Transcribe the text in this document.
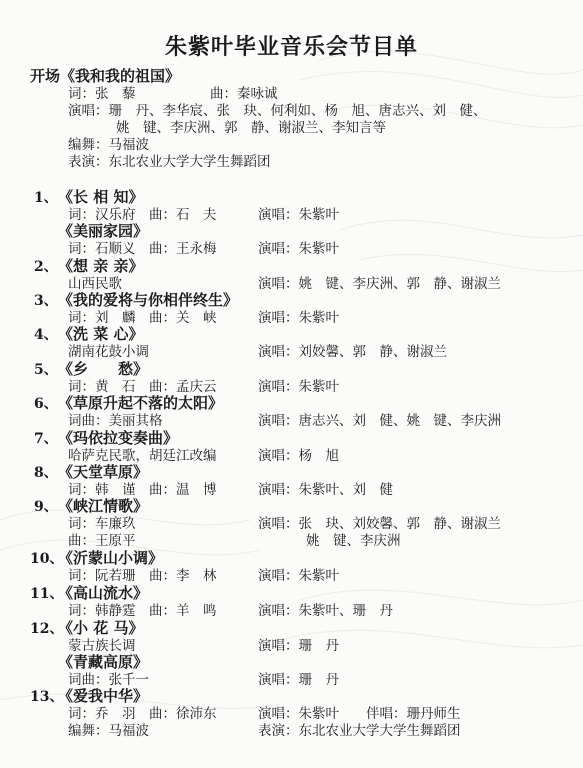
朱紫叶毕业音乐会节目单
开场《我和我的祖国》
词：张　藜	曲：秦咏诚
演唱：珊　丹、李华宸、张　玦、何利如、杨　旭、唐志兴、刘　健、
姚　键、李庆洲、郭　静、谢淑兰、李知言等
编舞：马福波
表演：东北农业大学大学生舞蹈团
1、 《长 相 知》
词：汉乐府　曲：石　夫	演唱：朱紫叶
《美丽家园》
词：石顺义　曲：王永梅	演唱：朱紫叶
2、 《想 亲 亲》
山西民歌	演唱：姚　键、李庆洲、郭　静、谢淑兰
3、 《我的爱将与你相伴终生》
词：刘　麟　曲：关　峡	演唱：朱紫叶
4、 《洗 菜 心》
湖南花鼓小调	演唱：刘姣馨、郭　静、谢淑兰
5、 《乡　　愁》
词：黄　石　曲：孟庆云	演唱：朱紫叶
6、 《草原升起不落的太阳》
词曲：美丽其格	演唱：唐志兴、刘　健、姚　键、李庆洲
7、 《玛依拉变奏曲》
哈萨克民歌，胡廷江改编	演唱：杨　旭
8、 《天堂草原》
词：韩　谨　曲：温　博	演唱：朱紫叶、刘　健
9、 《峡江情歌》
词：车廉玖	演唱：张　玦、刘姣馨、郭　静、谢淑兰
曲：王原平	姚　键、李庆洲
10、
《沂蒙山小调》
词：阮若珊　曲：李　林	演唱：朱紫叶
11、
《高山流水》
词：韩静霆　曲：羊　鸣	演唱：朱紫叶、珊　丹
12、
《小 花 马》
蒙古族长调	演唱：珊　丹
《青藏高原》
词曲：张千一	演唱：珊　丹
13、
《爱我中华》
词：乔　羽　曲：徐沛东	演唱：朱紫叶　　伴唱：珊丹师生
编舞：马福波	表演：东北农业大学大学生舞蹈团
